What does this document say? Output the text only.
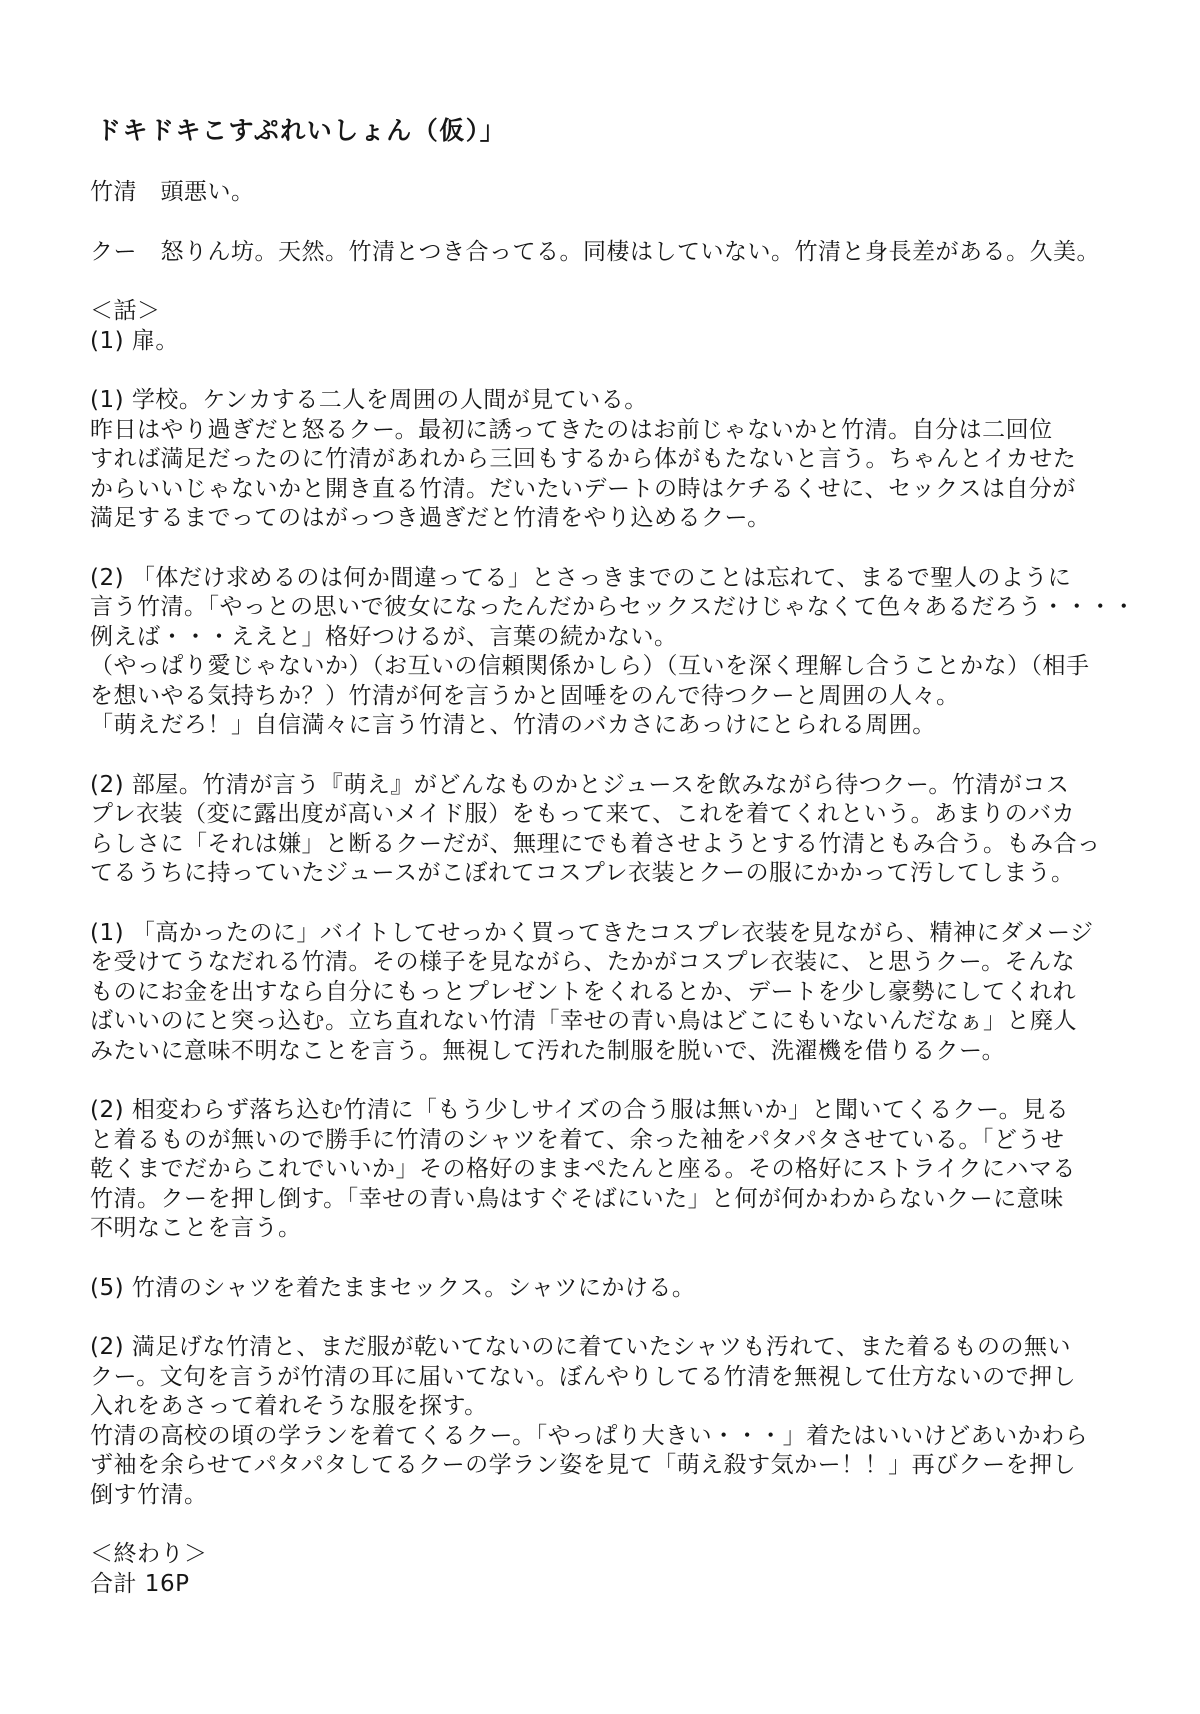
ドキドキこすぷれいしょん（仮）」
竹清　頭悪い。
クー　怒りん坊。天然。竹清とつき合ってる。同棲はしていない。竹清と身長差がある。久美。
＜話＞
(1) 扉。
(1) 学校。ケンカする二人を周囲の人間が見ている。
昨日はやり過ぎだと怒るクー。最初に誘ってきたのはお前じゃないかと竹清。自分は二回位
すれば満足だったのに竹清があれから三回もするから体がもたないと言う。ちゃんとイカせた
からいいじゃないかと開き直る竹清。だいたいデートの時はケチるくせに、セックスは自分が
満足するまでってのはがっつき過ぎだと竹清をやり込めるクー。
(2) 「体だけ求めるのは何か間違ってる」とさっきまでのことは忘れて、まるで聖人のように
言う竹清。「やっとの思いで彼女になったんだからセックスだけじゃなくて色々あるだろう・・・・
例えば・・・ええと」格好つけるが、言葉の続かない。
（やっぱり愛じゃないか）（お互いの信頼関係かしら）（互いを深く理解し合うことかな）（相手
を想いやる気持ちか？）竹清が何を言うかと固唾をのんで待つクーと周囲の人々。
「萌えだろ！」自信満々に言う竹清と、竹清のバカさにあっけにとられる周囲。
(2) 部屋。竹清が言う『萌え』がどんなものかとジュースを飲みながら待つクー。竹清がコス
プレ衣装（変に露出度が高いメイド服）をもって来て、これを着てくれという。あまりのバカ
らしさに「それは嫌」と断るクーだが、無理にでも着させようとする竹清ともみ合う。もみ合っ
てるうちに持っていたジュースがこぼれてコスプレ衣装とクーの服にかかって汚してしまう。
(1) 「高かったのに」バイトしてせっかく買ってきたコスプレ衣装を見ながら、精神にダメージ
を受けてうなだれる竹清。その様子を見ながら、たかがコスプレ衣装に、と思うクー。そんな
ものにお金を出すなら自分にもっとプレゼントをくれるとか、デートを少し豪勢にしてくれれ
ばいいのにと突っ込む。立ち直れない竹清「幸せの青い鳥はどこにもいないんだなぁ」と廃人
みたいに意味不明なことを言う。無視して汚れた制服を脱いで、洗濯機を借りるクー。
(2) 相変わらず落ち込む竹清に「もう少しサイズの合う服は無いか」と聞いてくるクー。見る
と着るものが無いので勝手に竹清のシャツを着て、余った袖をパタパタさせている。「どうせ
乾くまでだからこれでいいか」その格好のままぺたんと座る。その格好にストライクにハマる
竹清。クーを押し倒す。「幸せの青い鳥はすぐそばにいた」と何が何かわからないクーに意味
不明なことを言う。
(5) 竹清のシャツを着たままセックス。シャツにかける。
(2) 満足げな竹清と、まだ服が乾いてないのに着ていたシャツも汚れて、また着るものの無い
クー。文句を言うが竹清の耳に届いてない。ぼんやりしてる竹清を無視して仕方ないので押し
入れをあさって着れそうな服を探す。
竹清の高校の頃の学ランを着てくるクー。「やっぱり大きい・・・」着たはいいけどあいかわら
ず袖を余らせてパタパタしてるクーの学ラン姿を見て「萌え殺す気かー！！」再びクーを押し
倒す竹清。
＜終わり＞
合計 16P
